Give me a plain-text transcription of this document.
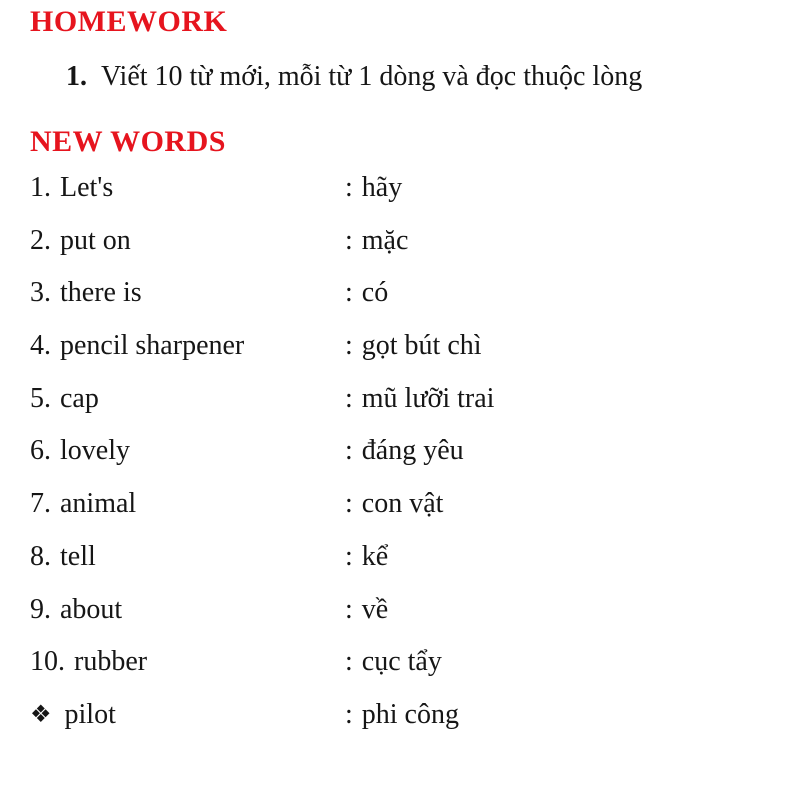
HOMEWORK
1. Viết 10 từ mới, mỗi từ 1 dòng và đọc thuộc lòng
NEW WORDS
1. Let's	: hãy
2. put on	: mặc
3. there is	: có
4. pencil sharpener	: gọt bút chì
5. cap	: mũ lưỡi trai
6. lovely	: đáng yêu
7. animal	: con vật
8. tell	: kể
9. about	: về
10. rubber	: cục tẩy
❖ pilot	: phi công
